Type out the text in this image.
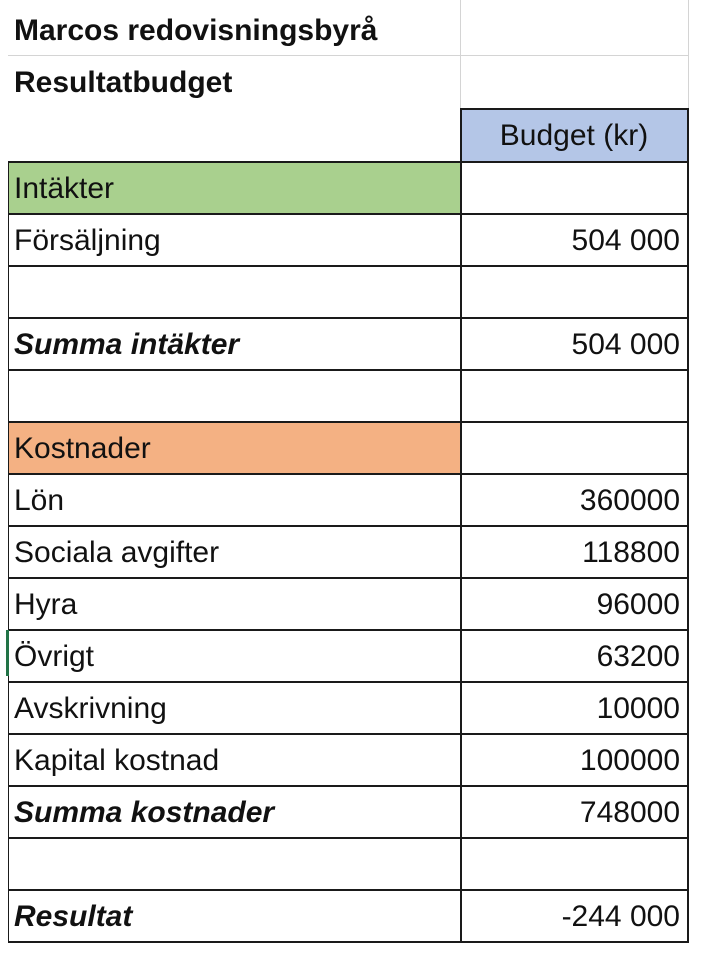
Marcos redovisningsbyrå
Resultatbudget
Budget (kr)
Intäkter
Försäljning	504 000
Summa intäkter	504 000
Kostnader
Lön	360000
Sociala avgifter	118800
Hyra	96000
Övrigt	63200
Avskrivning	10000
Kapital kostnad	100000
Summa kostnader	748000
Resultat	-244 000
